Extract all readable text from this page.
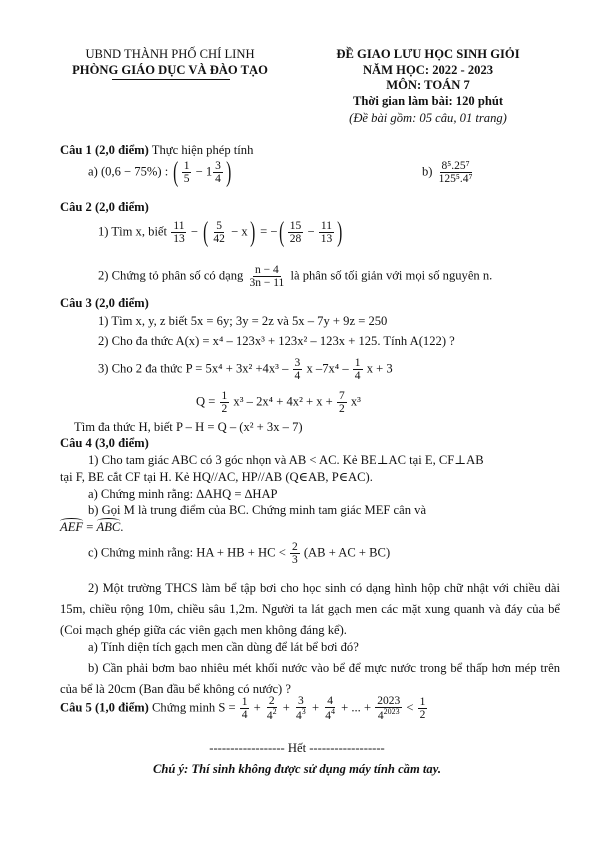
UBND THÀNH PHỐ CHÍ LINH
PHÒNG GIÁO DỤC VÀ ĐÀO TẠO
ĐỀ GIAO LƯU HỌC SINH GIỎI
NĂM HỌC: 2022 - 2023
MÔN: TOÁN 7
Thời gian làm bài: 120 phút
(Đề bài gồm: 05 câu, 01 trang)
Câu 1 (2,0 điểm) Thực hiện phép tính
a) (0,6 − 75%) : ( $\frac{1}{5} - 1 \frac{3}{4}$ )	$b) \frac{\text{8⁵.25⁷}}{\text{125⁵.4⁷}}$
Câu 2 (2,0 điểm)
1) Tìm x, biết $\frac{11}{13}$ − ( $\frac{5}{42} - x$) = −( $\frac{15}{28} - \frac{11}{13}$ )
2) Chứng tỏ phân số có dạng $\frac{n - 4}{3n - 11}$ là phân số tối giản với mọi số nguyên n.
Câu 3 (2,0 điểm)
1) Tìm x, y, z biết 5x = 6y; 3y = 2z và 5x – 7y + 9z = 250
2) Cho đa thức A(x) = x⁴ – 123x³ + 123x² – 123x + 125. Tính A(122) ?
3) Cho 2 đa thức $P = 5x^4 + 3x^2 +4x^3 - \frac{3}{4}$ x $-7x^4 - \frac{1}{4}$ x + 3
$Q = \frac{1}{2} x^3 - 2x^4 + 4x^2 + x + \frac{7}{2} x^3$
Tìm đa thức H, biết P – H = Q – (x² + 3x – 7)
Câu 4 (3,0 điểm)
1) Cho tam giác ABC có 3 góc nhọn và AB < AC. Kẻ BE⊥AC tại E, CF⊥AB
tại F, BE cắt CF tại H. Kẻ HQ//AC, HP//AB (Q∈AB, P∈AC).
a) Chứng minh rằng: ∆AHQ = ∆HAP
b) Gọi M là trung điểm của BC. Chứng minh tam giác MEF cân và
AEF = ABC.
c) Chứng minh rằng: HA + HB + HC < $\frac{2}{3} (AB$ + AC + BC)
2) Một trường THCS làm bể tập bơi cho học sinh có dạng hình hộp chữ nhật với chiều dài 15m, chiều rộng 10m, chiều sâu 1,2m. Người ta lát gạch men các mặt xung quanh và đáy của bể (Coi mạch ghép giữa các viên gạch men không đáng kể).
a) Tính diện tích gạch men cần dùng để lát bể bơi đó?
b) Cần phải bơm bao nhiêu mét khối nước vào bể để mực nước trong bể thấp hơn mép trên của bể là 20cm (Ban đầu bể không có nước) ?
Câu 5 (1,0 điểm) Chứng minh $S = \frac{1}{4} + \frac{2}{4^2} + \frac{3}{4^3} + \frac{4}{4^4}$ + ... + $\frac{2023}{4^{2023}} < \frac{1}{2}$
------------------ Hết ------------------
Chú ý: Thí sinh không được sử dụng máy tính cầm tay.
